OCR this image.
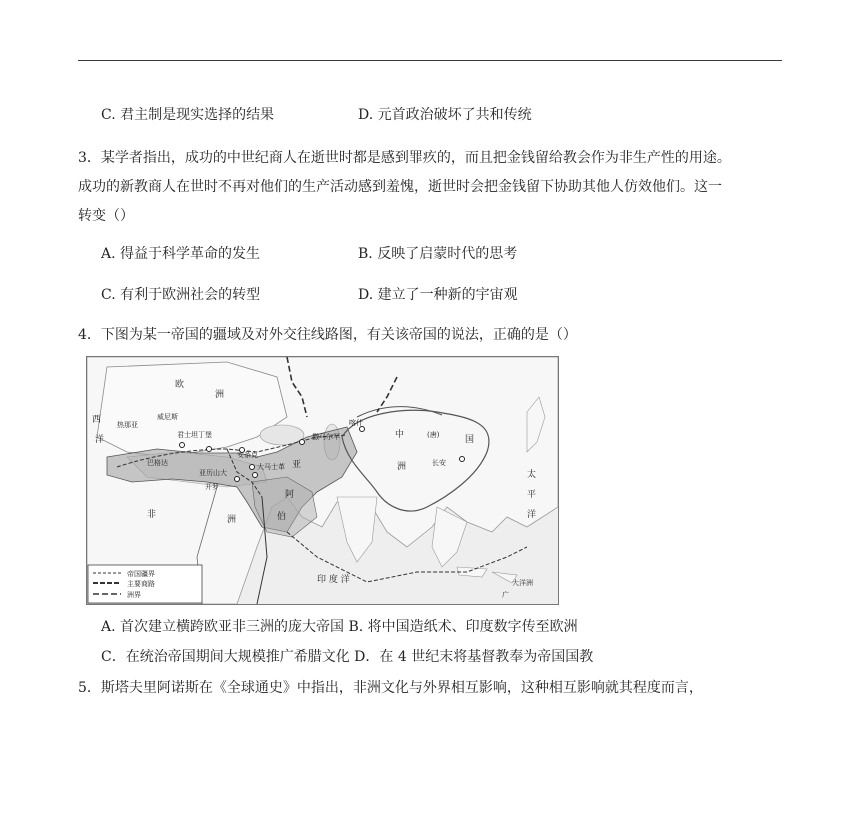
C. 君主制是现实选择的结果	D. 元首政治破坏了共和传统
3．某学者指出，成功的中世纪商人在逝世时都是感到罪疚的，而且把金钱留给教会作为非生产性的用途。
成功的新教商人在世时不再对他们的生产活动感到羞愧，逝世时会把金钱留下协助其他人仿效他们。这一
转变（）
A. 得益于科学革命的发生	B. 反映了启蒙时代的思考
C. 有利于欧洲社会的转型	D. 建立了一种新的宇宙观
4．下图为某一帝国的疆域及对外交往线路图，有关该帝国的说法，正确的是（）
欧
洲
西
洋
威尼斯
热那亚
君士坦丁堡	撒马尔罕
喀什
中
洲
(唐)	国
长安
亚
安条克
大马士革
亚历山大
开罗
巴格达
阿
伯
非	洲
印 度 洋
太
平
洋
大洋洲
广
帝国疆界
主要商路
洲界
A. 首次建立横跨欧亚非三洲的庞大帝国 B. 将中国造纸术、印度数字传至欧洲
C．在统治帝国期间大规模推广希腊文化 D．在 4 世纪末将基督教奉为帝国国教
5．斯塔夫里阿诺斯在《全球通史》中指出，非洲文化与外界相互影响，这种相互影响就其程度而言，
